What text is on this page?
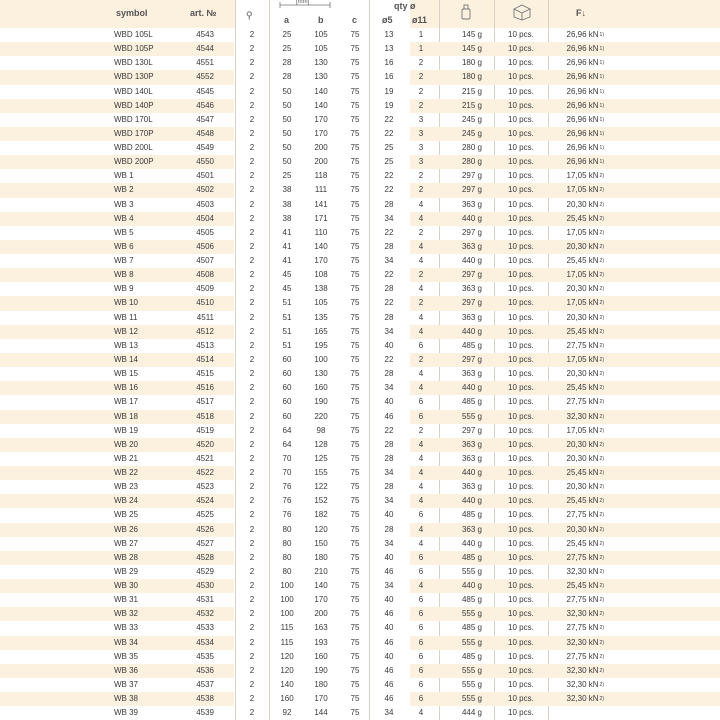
symbol	art. №	⚲
[mm]
a	b	c
qty ø
ø5 ø11
F↓
WBD 105L	4543	2	25	105	75	13	1	145 g	10 pcs.	26,96 $kN^{1)}$
WBD 105P	4544	2	25	105	75	13	1	145 g	10 pcs.	26,96 $kN^{1)}$
WBD 130L	4551	2	28	130	75	16	2	180 g	10 pcs.	26,96 $kN^{1)}$
WBD 130P	4552	2	28	130	75	16	2	180 g	10 pcs.	26,96 $kN^{1)}$
WBD 140L	4545	2	50	140	75	19	2	215 g	10 pcs.	26,96 $kN^{1)}$
WBD 140P	4546	2	50	140	75	19	2	215 g	10 pcs.	26,96 $kN^{1)}$
WBD 170L	4547	2	50	170	75	22	3	245 g	10 pcs.	26,96 $kN^{1)}$
WBD 170P	4548	2	50	170	75	22	3	245 g	10 pcs.	26,96 $kN^{1)}$
WBD 200L	4549	2	50	200	75	25	3	280 g	10 pcs.	26,96 $kN^{1)}$
WBD 200P	4550	2	50	200	75	25	3	280 g	10 pcs.	26,96 $kN^{1)}$
WB 1	4501	2	25	118	75	22	2	297 g	10 pcs.	17,05 $kN^{2)}$
WB 2	4502	2	38	111	75	22	2	297 g	10 pcs.	17,05 $kN^{2)}$
WB 3	4503	2	38	141	75	28	4	363 g	10 pcs.	20,30 $kN^{2)}$
WB 4	4504	2	38	171	75	34	4	440 g	10 pcs.	25,45 $kN^{2)}$
WB 5	4505	2	41	110	75	22	2	297 g	10 pcs.	17,05 $kN^{2)}$
WB 6	4506	2	41	140	75	28	4	363 g	10 pcs.	20,30 $kN^{2)}$
WB 7	4507	2	41	170	75	34	4	440 g	10 pcs.	25,45 $kN^{2)}$
WB 8	4508	2	45	108	75	22	2	297 g	10 pcs.	17,05 $kN^{2)}$
WB 9	4509	2	45	138	75	28	4	363 g	10 pcs.	20,30 $kN^{2)}$
WB 10	4510	2	51	105	75	22	2	297 g	10 pcs.	17,05 $kN^{2)}$
WB 11	4511	2	51	135	75	28	4	363 g	10 pcs.	20,30 $kN^{2)}$
WB 12	4512	2	51	165	75	34	4	440 g	10 pcs.	25,45 $kN^{2)}$
WB 13	4513	2	51	195	75	40	6	485 g	10 pcs.	27,75 $kN^{2)}$
WB 14	4514	2	60	100	75	22	2	297 g	10 pcs.	17,05 $kN^{2)}$
WB 15	4515	2	60	130	75	28	4	363 g	10 pcs.	20,30 $kN^{2)}$
WB 16	4516	2	60	160	75	34	4	440 g	10 pcs.	25,45 $kN^{2)}$
WB 17	4517	2	60	190	75	40	6	485 g	10 pcs.	27,75 $kN^{2)}$
WB 18	4518	2	60	220	75	46	6	555 g	10 pcs.	32,30 $kN^{2)}$
WB 19	4519	2	64	98	75	22	2	297 g	10 pcs.	17,05 $kN^{2)}$
WB 20	4520	2	64	128	75	28	4	363 g	10 pcs.	20,30 $kN^{2)}$
WB 21	4521	2	70	125	75	28	4	363 g	10 pcs.	20,30 $kN^{2)}$
WB 22	4522	2	70	155	75	34	4	440 g	10 pcs.	25,45 $kN^{2)}$
WB 23	4523	2	76	122	75	28	4	363 g	10 pcs.	20,30 $kN^{2)}$
WB 24	4524	2	76	152	75	34	4	440 g	10 pcs.	25,45 $kN^{2)}$
WB 25	4525	2	76	182	75	40	6	485 g	10 pcs.	27,75 $kN^{2)}$
WB 26	4526	2	80	120	75	28	4	363 g	10 pcs.	20,30 $kN^{2)}$
WB 27	4527	2	80	150	75	34	4	440 g	10 pcs.	25,45 $kN^{2)}$
WB 28	4528	2	80	180	75	40	6	485 g	10 pcs.	27,75 $kN^{2)}$
WB 29	4529	2	80	210	75	46	6	555 g	10 pcs.	32,30 $kN^{2)}$
WB 30	4530	2	100	140	75	34	4	440 g	10 pcs.	25,45 $kN^{2)}$
WB 31	4531	2	100	170	75	40	6	485 g	10 pcs.	27,75 $kN^{2)}$
WB 32	4532	2	100	200	75	46	6	555 g	10 pcs.	32,30 $kN^{2)}$
WB 33	4533	2	115	163	75	40	6	485 g	10 pcs.	27,75 $kN^{2)}$
WB 34	4534	2	115	193	75	46	6	555 g	10 pcs.	32,30 $kN^{2)}$
WB 35	4535	2	120	160	75	40	6	485 g	10 pcs.	27,75 $kN^{2)}$
WB 36	4536	2	120	190	75	46	6	555 g	10 pcs.	32,30 $kN^{2)}$
WB 37	4537	2	140	180	75	46	6	555 g	10 pcs.	32,30 $kN^{2)}$
WB 38	4538	2	160	170	75	46	6	555 g	10 pcs.	32,30 $kN^{2)}$
WB 39	4539	2	92	144	75	34	4	444 g	10 pcs.
